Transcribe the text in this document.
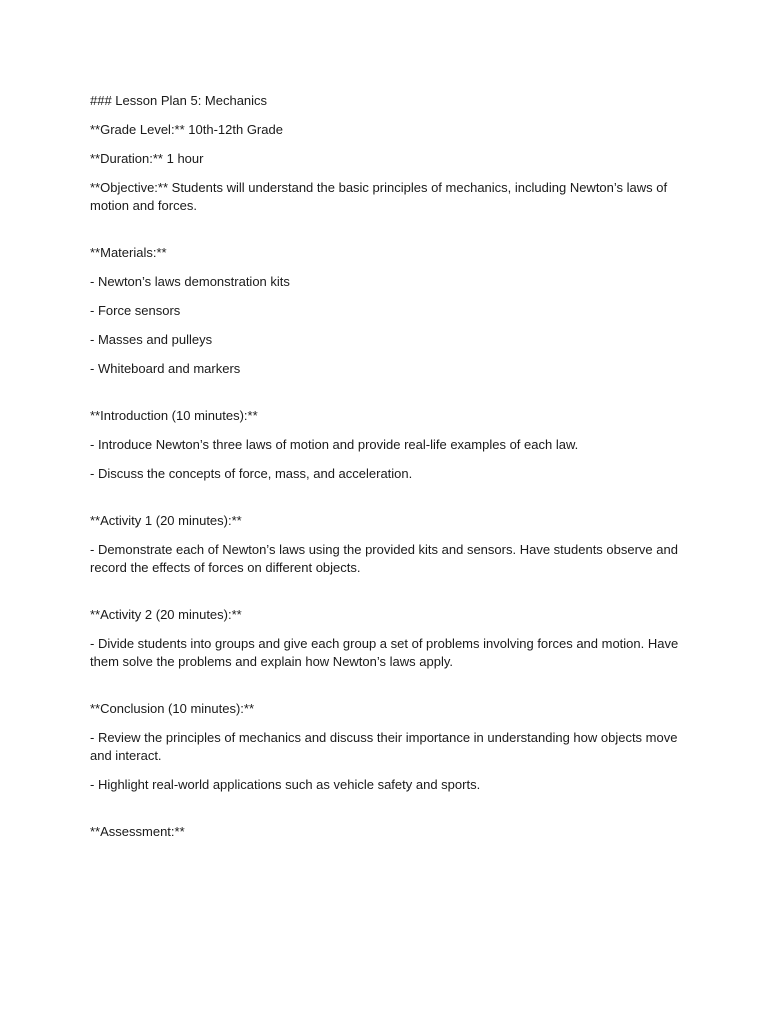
### Lesson Plan 5: Mechanics

**Grade Level:** 10th-12th Grade

**Duration:** 1 hour

**Objective:** Students will understand the basic principles of mechanics, including Newton’s laws of motion and forces.

**Materials:**

- Newton’s laws demonstration kits

- Force sensors

- Masses and pulleys

- Whiteboard and markers

**Introduction (10 minutes):**

- Introduce Newton’s three laws of motion and provide real-life examples of each law.

- Discuss the concepts of force, mass, and acceleration.

**Activity 1 (20 minutes):**

- Demonstrate each of Newton’s laws using the provided kits and sensors. Have students observe and record the effects of forces on different objects.

**Activity 2 (20 minutes):**

- Divide students into groups and give each group a set of problems involving forces and motion. Have them solve the problems and explain how Newton’s laws apply.

**Conclusion (10 minutes):**

- Review the principles of mechanics and discuss their importance in understanding how objects move and interact.

- Highlight real-world applications such as vehicle safety and sports.

**Assessment:**
